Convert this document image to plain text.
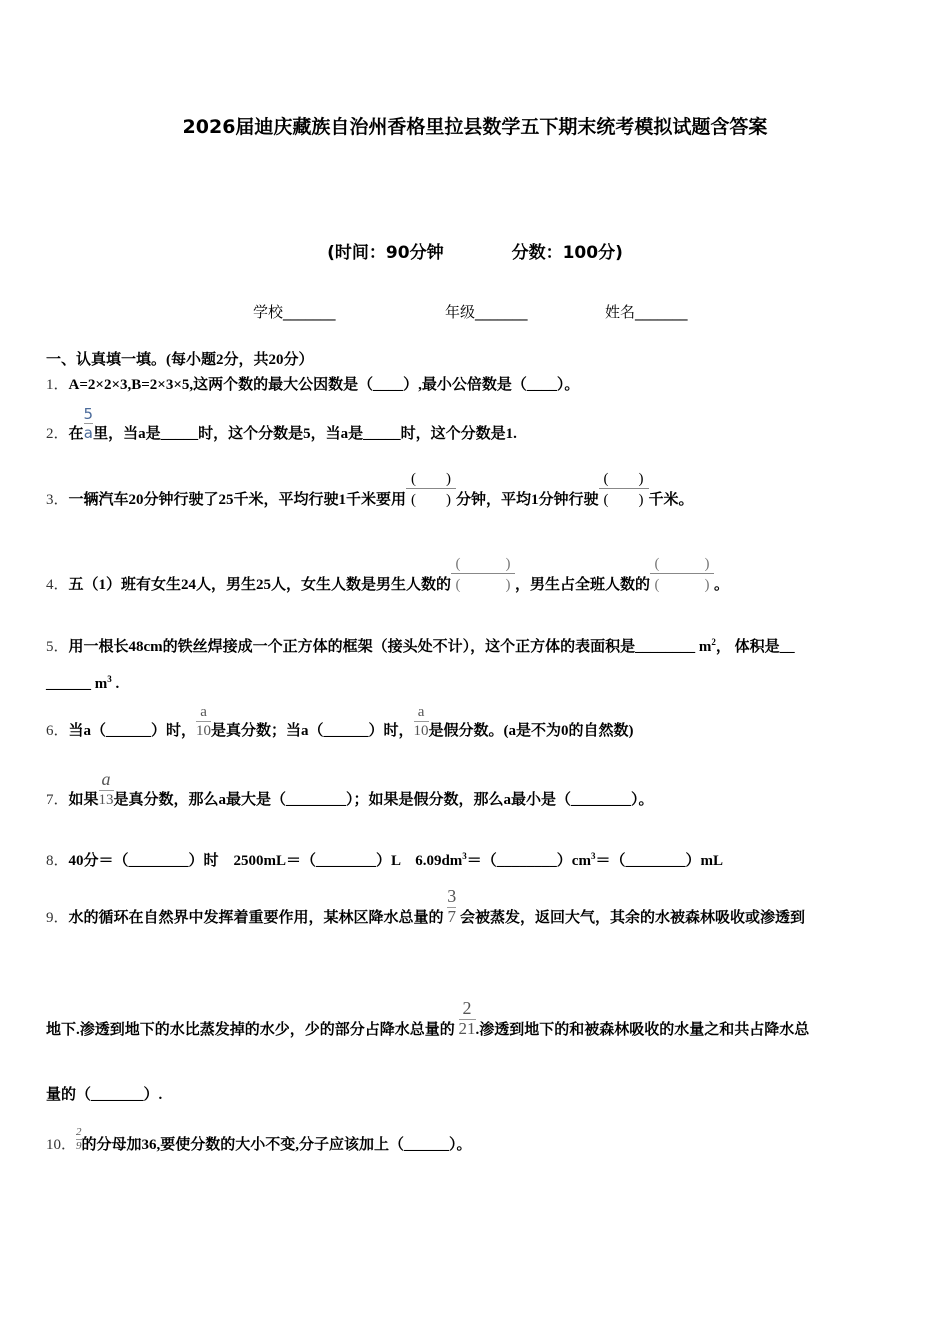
2026届迪庆藏族自治州香格里拉县数学五下期末统考模拟试题含答案
(时间：90分钟	分数：100分)
学校_______	年级_______	姓名_______
一、认真填一填。(每小题2分，共20分）
1．A=2×2×3,B=2×3×5,这两个数的最大公因数是（____）,最小公倍数是（____）。
2．在 $\frac{5}{a}$ 里，当a是_____时，这个分数是5，当a是_____时，这个分数是1.
3．一辆汽车20分钟行驶了25千米，平均行驶1千米要用
(　　)
(　　) 分钟，平均1分钟行驶
(　　)
(　　) 千米。
4．五（1）班有女生24人，男生25人，女生人数是男生人数的
(　　　)
(　　　) ，男生占全班人数的
(　　　)
(　　　) 。
5．用一根长48cm的铁丝焊接成一个正方体的框架（接头处不计），这个正方体的表面积是________ $m^2$， 体积是__
______ $m^3$ .
6．当a（______）时， $\frac{a}{10}$ 是真分数；当a（______）时， $\frac{a}{10}$ 是假分数。(a是不为0的自然数)
7．如果
a
13 是真分数，那么a最大是（________）；如果是假分数，那么a最小是（________）。
8．40分＝（________）时　2500mL＝（________）L　$6.09dm^3=(\_\_\_\_\_\_\_\_)cm^3=(\_\_\_\_\_\_\_\_)mL$
9．水的循环在自然界中发挥着重要作用，某林区降水总量的 $\frac{3}{7}$ 会被蒸发，返回大气，其余的水被森林吸收或渗透到
地下.渗透到地下的水比蒸发掉的水少，少的部分占降水总量的 $\frac{2}{21}$ .渗透到地下的和被森林吸收的水量之和共占降水总
量的（_______）.
10． $\frac{2}{9}$ 的分母加36,要使分数的大小不变,分子应该加上（______）。
